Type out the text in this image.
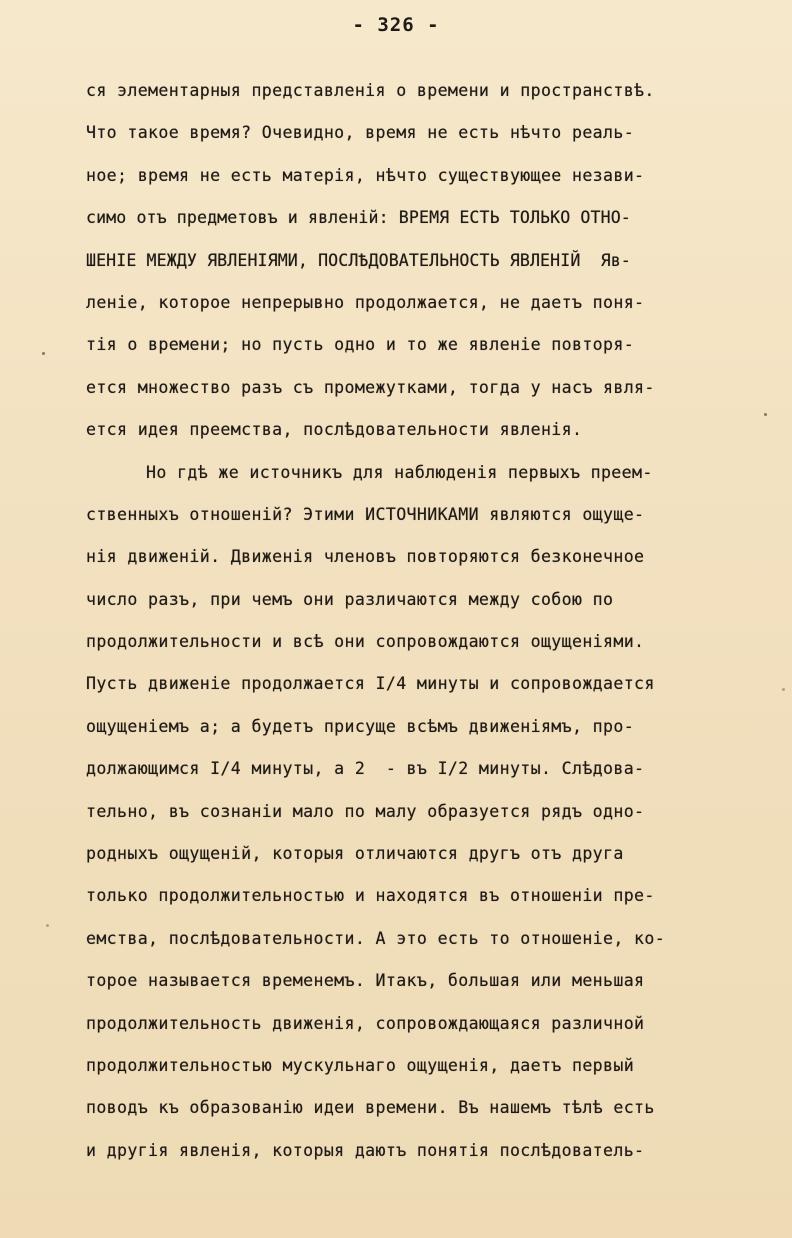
- 326 -
ся элементарныя представленія о времени и пространствѣ.
Что такое время? Очевидно, время не есть нѣчто реаль-
ное; время не есть матерія, нѣчто существующее незави-
симо отъ предметовъ и явленій: ВРЕМЯ ЕСТЬ ТОЛЬКО ОТНО-
ШЕНІЕ МЕЖДУ ЯВЛЕНІЯМИ, ПОСЛѢДОВАТЕЛЬНОСТЬ ЯВЛЕНІЙ  Яв-
леніе, которое непрерывно продолжается, не даетъ поня-
тія о времени; но пусть одно и то же явленіе повторя-
ется множество разъ съ промежутками, тогда у насъ явля-
ется идея преемства, послѣдовательности явленія.
Но гдѣ же источникъ для наблюденія первыхъ преем-
ственныхъ отношеній? Этими ИСТОЧНИКАМИ являются ощуще-
нія движеній. Движенія членовъ повторяются безконечное
число разъ, при чемъ они различаются между собою по
продолжительности и всѣ они сопровождаются ощущеніями.
Пусть движеніе продолжается I/4 минуты и сопровождается
ощущеніемъ a; a будетъ присуще всѣмъ движеніямъ, про-
должающимся I/4 минуты, а 2  - въ I/2 минуты. Слѣдова-
тельно, въ сознаніи мало по малу образуется рядъ одно-
родныхъ ощущеній, которыя отличаются другъ отъ друга
только продолжительностью и находятся въ отношеніи пре-
емства, послѣдовательности. А это есть то отношеніе, ко-
торое называется временемъ. Итакъ, большая или меньшая
продолжительность движенія, сопровождающаяся различной
продолжительностью мускульнаго ощущенія, даетъ первый
поводъ къ образованію идеи времени. Въ нашемъ тѣлѣ есть
и другія явленія, которыя даютъ понятія послѣдователь-
